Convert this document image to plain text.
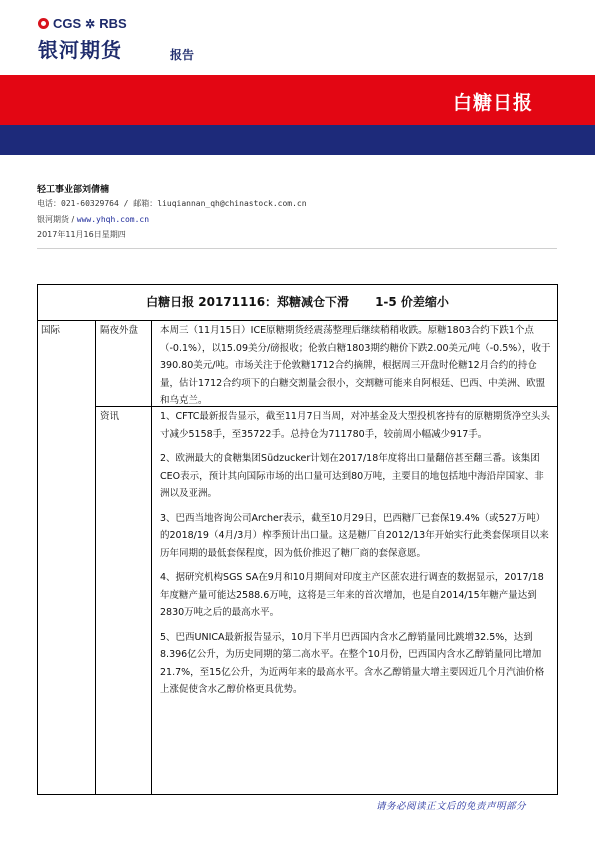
CGS ✲ RBS
银河期货	报告
白糖日报
轻工事业部刘倩楠
电话：021-60329764 / 邮箱：liuqiannan_qh@chinastock.com.cn
银河期货 / www.yhqh.com.cn
2017年11月16日星期四
白糖日报 20171116：郑糖减仓下滑 1-5 价差缩小
国际	隔夜外盘	本周三（11月15日）ICE原糖期货经震荡整理后继续稍稍收跌。原糖1803合约下跌1个点（-0.1%），以15.09美分/磅报收；伦敦白糖1803期约糖价下跌2.00美元/吨（-0.5%），收于390.80美元/吨。市场关注于伦敦糖1712合约摘牌，根据周三开盘时伦糖12月合约的持仓量，估计1712合约项下的白糖交割量会很小，交割糖可能来自阿根廷、巴西、中美洲、欧盟和乌克兰。
资讯	1、CFTC最新报告显示，截至11月7日当周，对冲基金及大型投机客持有的原糖期货净空头头寸减少5158手，至35722手。总持仓为711780手，较前周小幅减少917手。

2、欧洲最大的食糖集团Südzucker计划在2017/18年度将出口量翻倍甚至翻三番。该集团CEO表示，预计其向国际市场的出口量可达到80万吨，主要目的地包括地中海沿岸国家、非洲以及亚洲。

3、巴西当地咨询公司Archer表示，截至10月29日，巴西糖厂已套保19.4%（或527万吨）的2018/19（4月/3月）榨季预计出口量。这是糖厂自2012/13年开始实行此类套保项目以来历年同期的最低套保程度，因为低价推迟了糖厂商的套保意愿。

4、据研究机构SGS SA在9月和10月期间对印度主产区蔗农进行调查的数据显示，2017/18年度糖产量可能达2588.6万吨，这将是三年来的首次增加，也是自2014/15年糖产量达到2830万吨之后的最高水平。

5、巴西UNICA最新报告显示，10月下半月巴西国内含水乙醇销量同比跳增32.5%，达到8.396亿公升，为历史同期的第二高水平。在整个10月份，巴西国内含水乙醇销量同比增加21.7%，至15亿公升，为近两年来的最高水平。含水乙醇销量大增主要因近几个月汽油价格上涨促使含水乙醇价格更具优势。

请务必阅读正文后的免责声明部分
